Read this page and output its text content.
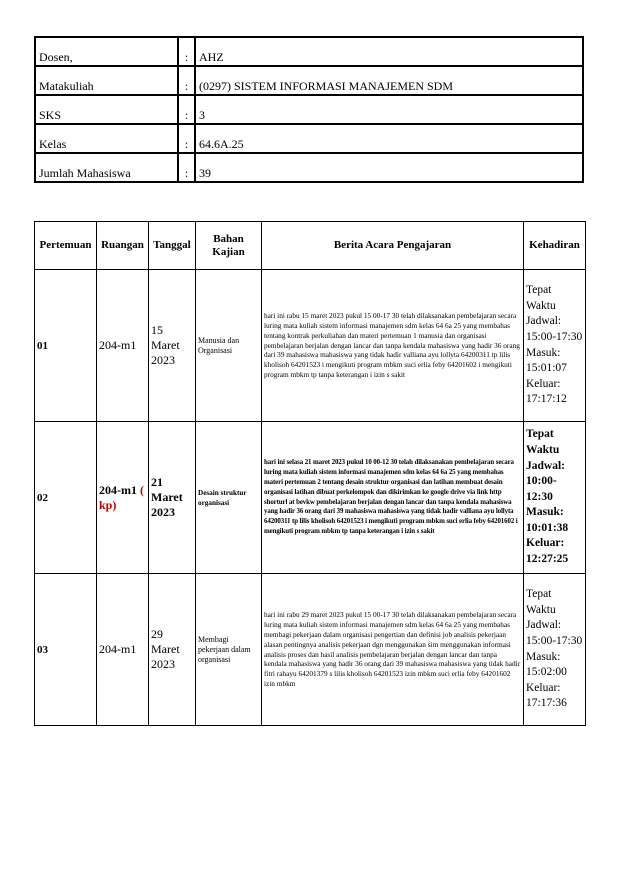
Dosen,	:	AHZ
Matakuliah	:	(0297) SISTEM INFORMASI MANAJEMEN SDM
SKS	:	3
Kelas	:	64.6A.25
Jumlah Mahasiswa	:	39
Pertemuan	Ruangan	Tanggal	Bahan Kajian	Berita Acara Pengajaran	Kehadiran
01	204-m1	15 Maret 2023	Manusia dan Organisasi	hari ini rabu 15 maret 2023 pukul 15 00-17 30 telah dilaksanakan pembelajaran secara luring mata kuliah sistem informasi manajemen sdm kelas 64 6a 25 yang membahas tentang kontrak perkuliahan dan materi pertemuan 1 manusia dan organisasi pembelajaran berjalan dengan lancar dan tanpa kendala mahasiswa yang hadir 36 orang dari 39 mahasiswa mahasiswa yang tidak hadir valliana ayu lollyta 64200311 tp lilis kholisoh 64201523 i mengikuti program mbkm suci erlia feby 64201602 i mengikuti program mbkm tp tanpa keterangan i izin s sakit	Tepat Waktu Jadwal: 15:00-17:30 Masuk: 15:01:07 Keluar: 17:17:12
02	204-m1 ( kp)	21 Maret 2023	Desain struktur organisasi	hari ini selasa 21 maret 2023 pukul 10 00-12 30 telah dilaksanakan pembelajaran secara luring mata kuliah sistem informasi manajemen sdm kelas 64 6a 25 yang membahas materi pertemuan 2 tentang desain struktur organisasi dan latihan membuat desain organisasi latihan dibuat perkelompok dan dikirimkan ke google drive via link http shorturl at bevkw pembelajaran berjalan dengan lancar dan tanpa kendala mahasiswa yang hadir 36 orang dari 39 mahasiswa mahasiswa yang tidak hadir valliana ayu lollyta 64200311 tp lilis kholisoh 64201523 i mengikuti program mbkm suci erlia feby 64201602 i mengikuti program mbkm tp tanpa keterangan i izin s sakit	Tepat Waktu Jadwal: 10:00-12:30 Masuk: 10:01:38 Keluar: 12:27:25
03	204-m1	29 Maret 2023	Membagi pekerjaan dalam organisasi	hari ini rabu 29 maret 2023 pukul 15 00-17 30 telah dilaksanakan pembelajaran secara luring mata kuliah sistem informasi manajemen sdm kelas 64 6a 25 yang membahas membagi pekerjaan dalam organisasi pengertian dan definisi job analisis pekerjaan alasan pentingnya analisis pekerjaan dgn menggunakan sim menggunakan informasi analisis proses dan hasil analisis pembelajaran berjalan dengan lancar dan tanpa kendala mahasiswa yang hadir 36 orang dari 39 mahasiswa mahasiswa yang tidak hadir fitri rahayu 64201379 s lilis kholisoh 64201523 izin mbkm suci erlia feby 64201602 izin mbkm	Tepat Waktu Jadwal: 15:00-17:30 Masuk: 15:02:00 Keluar: 17:17:36
